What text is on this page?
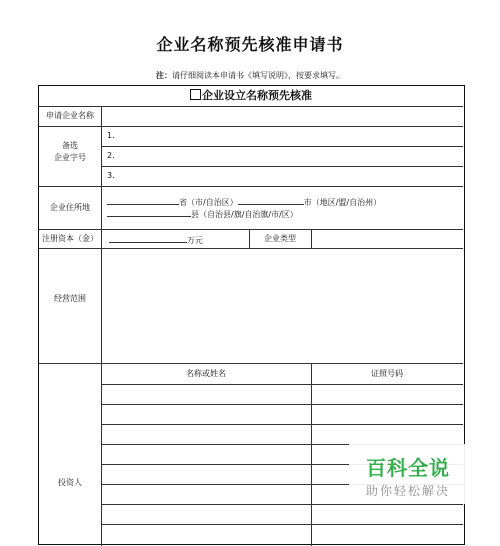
企业名称预先核准申请书
注：请仔细阅读本申请书《填写说明》，按要求填写。
企业设立名称预先核准
申请企业名称
备选
企业字号
1.
2.
3.
企业住所地
省（市/自治区）	市（地区/盟/自治州）
县（自治县/旗/自治旗/市/区）
注册资本（金）	万元	企业类型
经营范围
名称或姓名	证照号码
投资人
百科全说
助你轻松解决
